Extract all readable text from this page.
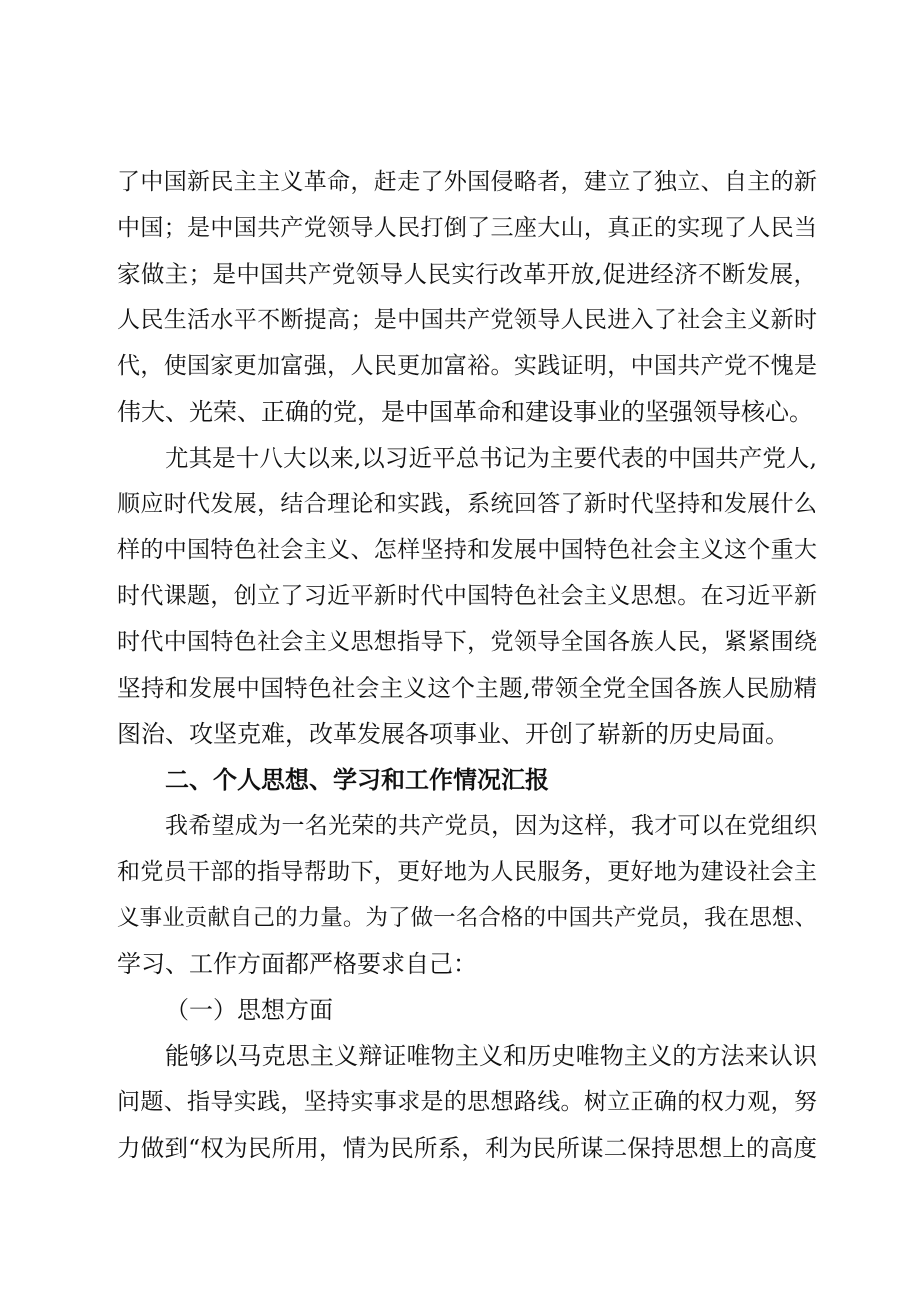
了中国新民主主义革命，赶走了外国侵略者，建立了独立、自主的新
中国；是中国共产党领导人民打倒了三座大山，真正的实现了人民当
家做主；是中国共产党领导人民实行改革开放,促进经济不断发展，
人民生活水平不断提高；是中国共产党领导人民进入了社会主义新时
代，使国家更加富强，人民更加富裕。实践证明，中国共产党不愧是
伟大、光荣、正确的党，是中国革命和建设事业的坚强领导核心。
尤其是十八大以来,以习近平总书记为主要代表的中国共产党人,
顺应时代发展，结合理论和实践，系统回答了新时代坚持和发展什么
样的中国特色社会主义、怎样坚持和发展中国特色社会主义这个重大
时代课题，创立了习近平新时代中国特色社会主义思想。在习近平新
时代中国特色社会主义思想指导下，党领导全国各族人民，紧紧围绕
坚持和发展中国特色社会主义这个主题,带领全党全国各族人民励精
图治、攻坚克难，改革发展各项事业、开创了崭新的历史局面。
二、个人思想、学习和工作情况汇报
我希望成为一名光荣的共产党员，因为这样，我才可以在党组织
和党员干部的指导帮助下，更好地为人民服务，更好地为建设社会主
义事业贡献自己的力量。为了做一名合格的中国共产党员，我在思想、
学习、工作方面都严格要求自己：
（一）思想方面
能够以马克思主义辩证唯物主义和历史唯物主义的方法来认识
问题、指导实践，坚持实事求是的思想路线。树立正确的权力观，努
力做到“权为民所用，情为民所系，利为民所谋二保持思想上的高度
